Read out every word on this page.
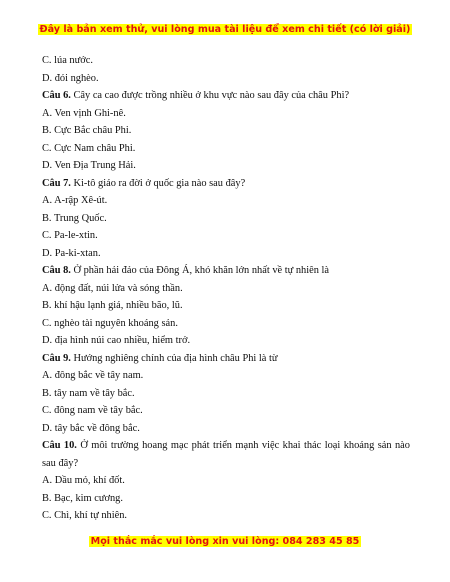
Đây là bản xem thử, vui lòng mua tài liệu để xem chi tiết (có lời giải)
C. lúa nước.
D. đói nghèo.
Câu 6. Cây ca cao được trồng nhiều ở khu vực nào sau đây của châu Phi?
A. Ven vịnh Ghi-nê.
B. Cực Bắc châu Phi.
C. Cực Nam châu Phi.
D. Ven Địa Trung Hải.
Câu 7. Ki-tô giáo ra đời ở quốc gia nào sau đây?
A. A-rập Xê-út.
B. Trung Quốc.
C. Pa-le-xtin.
D. Pa-ki-xtan.
Câu 8. Ở phần hải đảo của Đông Á, khó khăn lớn nhất về tự nhiên là
A. động đất, núi lửa và sóng thần.
B. khí hậu lạnh giá, nhiều bão, lũ.
C. nghèo tài nguyên khoáng sản.
D. địa hình núi cao nhiều, hiểm trở.
Câu 9. Hướng nghiêng chính của địa hình châu Phi là từ
A. đông bắc về tây nam.
B. tây nam về tây bắc.
C. đông nam về tây bắc.
D. tây bắc về đông bắc.
Câu 10. Ở môi trường hoang mạc phát triển mạnh việc khai thác loại khoáng sản nào sau đây?
A. Dầu mỏ, khí đốt.
B. Bạc, kim cương.
C. Chì, khí tự nhiên.
Mọi thắc mắc vui lòng xin vui lòng: 084 283 45 85
